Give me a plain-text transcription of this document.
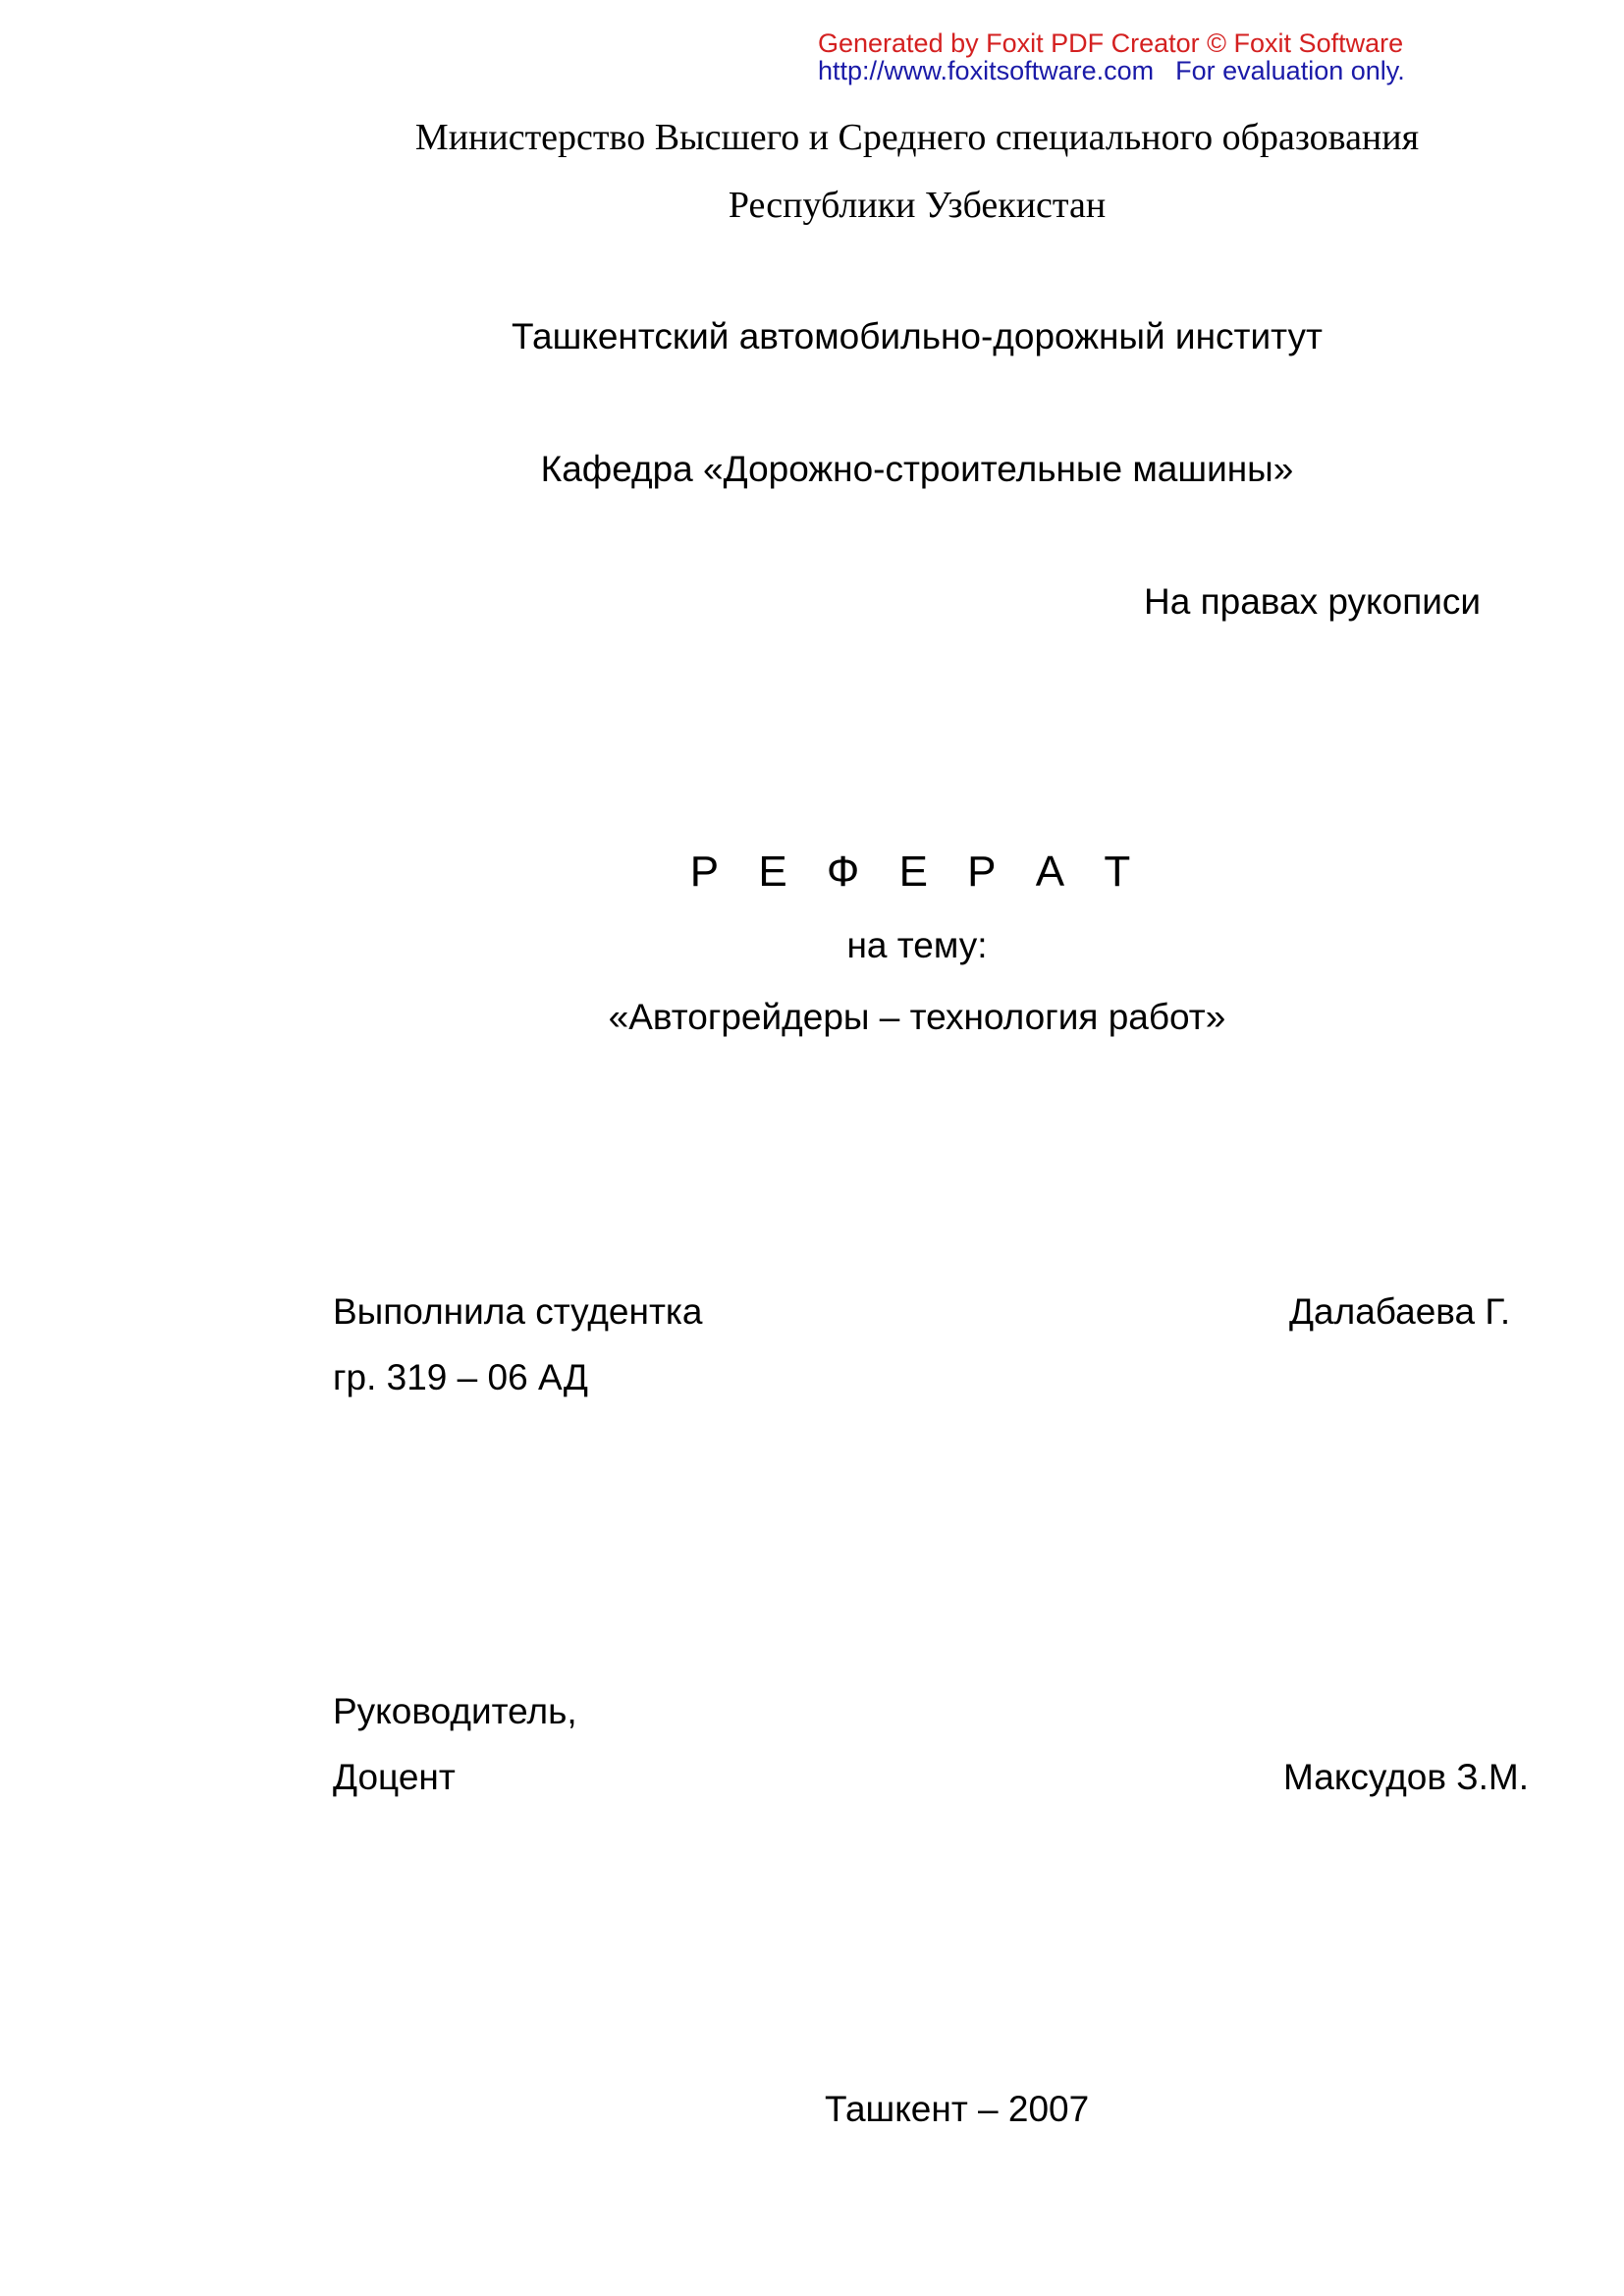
Generated by Foxit PDF Creator © Foxit Software
http://www.foxitsoftware.com For evaluation only.
Министерство Высшего и Среднего специального образования
Республики Узбекистан
Ташкентский автомобильно-дорожный институт
Кафедра «Дорожно-строительные машины»
На правах рукописи
Р Е Ф Е Р А Т
на тему:
«Автогрейдеры – технология работ»
Выполнила студентка	Далабаева Г.
гр. 319 – 06 АД
Руководитель,
Доцент	Максудов З.М.
Ташкент – 2007
